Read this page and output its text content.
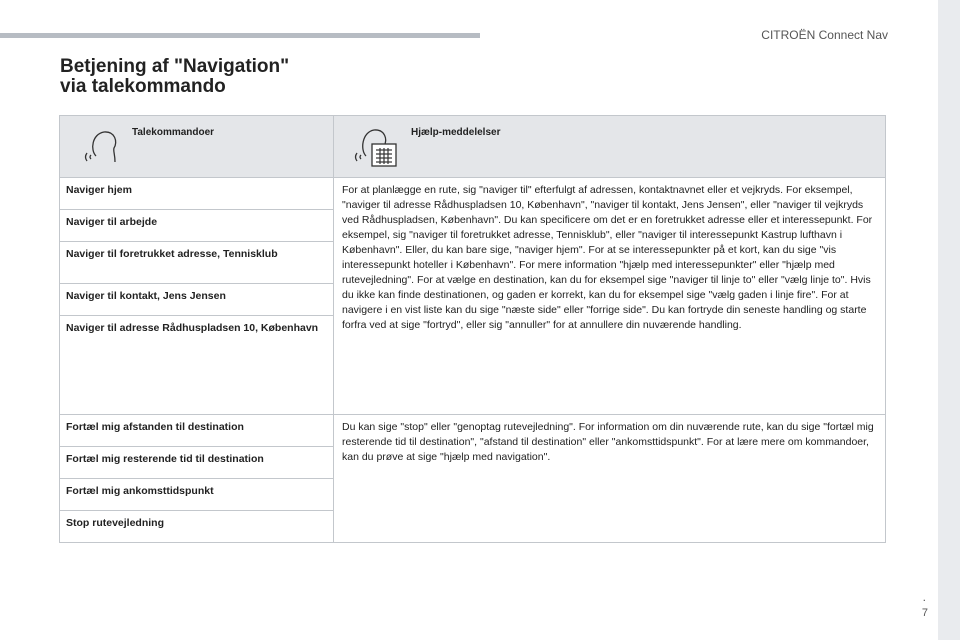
CITROËN Connect Nav
Betjening af "Navigation"
via talekommando
Talekommandoer	Hjælp-meddelelser

Naviger hjem	For at planlægge en rute, sig "naviger til" efterfulgt af adressen, kontaktnavnet eller et vejkryds. For eksempel, "naviger til adresse Rådhuspladsen 10, København", "naviger til kontakt, Jens Jensen", eller "naviger til vejkryds ved Rådhuspladsen, København". Du kan specificere om det er en foretrukket adresse eller et interessepunkt. For eksempel, sig "naviger til foretrukket adresse, Tennisklub", eller "naviger til interessepunkt Kastrup lufthavn i København". Eller, du kan bare sige, "naviger hjem". For at se interessepunkter på et kort, kan du sige "vis interessepunkt hoteller i København". For mere information "hjælp med interessepunkter" eller "hjælp med rutevejledning". For at vælge en destination, kan du for eksempel sige "naviger til linje to" eller "vælg linje to". Hvis du ikke kan finde destinationen, og gaden er korrekt, kan du for eksempel sige "vælg gaden i linje fire". For at navigere i en vist liste kan du sige "næste side" eller "forrige side". Du kan fortryde din seneste handling og starte forfra ved at sige "fortryd", eller sig "annuller" for at annullere din nuværende handling.
Naviger til arbejde	
Naviger til foretrukket adresse, Tennisklub	
Naviger til kontakt, Jens Jensen	
Naviger til adresse Rådhuspladsen 10, København	
Fortæl mig afstanden til destination	Du kan sige "stop" eller "genoptag rutevejledning". For information om din nuværende rute, kan du sige "fortæl mig resterende tid til destination", "afstand til destination" eller "ankomsttidspunkt". For at lære mere om kommandoer, kan du prøve at sige "hjælp med navigation".
Fortæl mig resterende tid til destination	
Fortæl mig ankomsttidspunkt	
Stop rutevejledning	
.
7
